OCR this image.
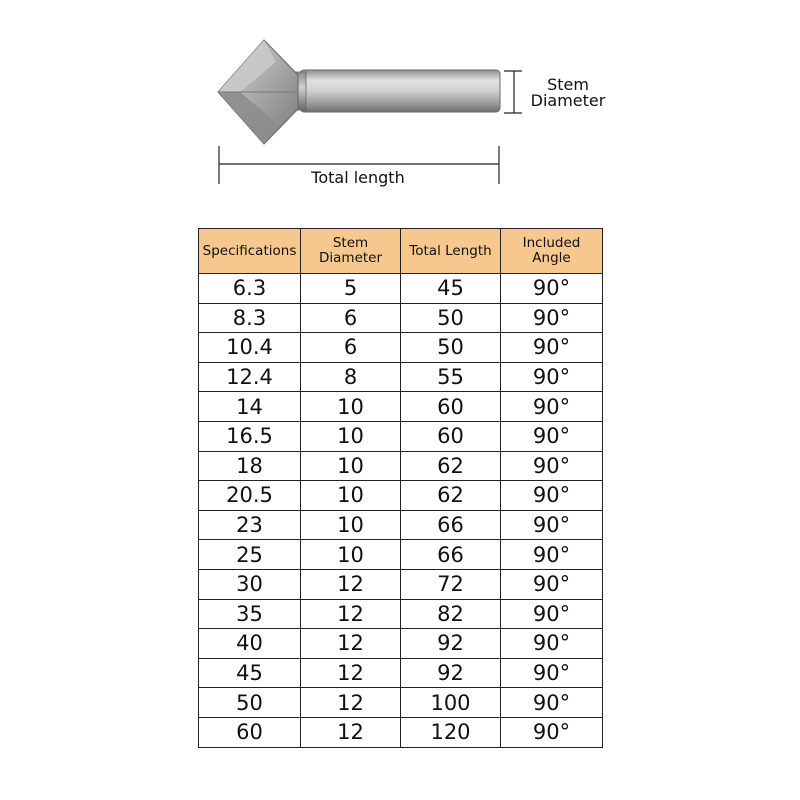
Stem
Diameter
Total length
Specifications	Stem Diameter	Total Length	Included Angle
6.3	5	45	90°
8.3	6	50	90°
10.4	6	50	90°
12.4	8	55	90°
14	10	60	90°
16.5	10	60	90°
18	10	62	90°
20.5	10	62	90°
23	10	66	90°
25	10	66	90°
30	12	72	90°
35	12	82	90°
40	12	92	90°
45	12	92	90°
50	12	100	90°
60	12	120	90°
